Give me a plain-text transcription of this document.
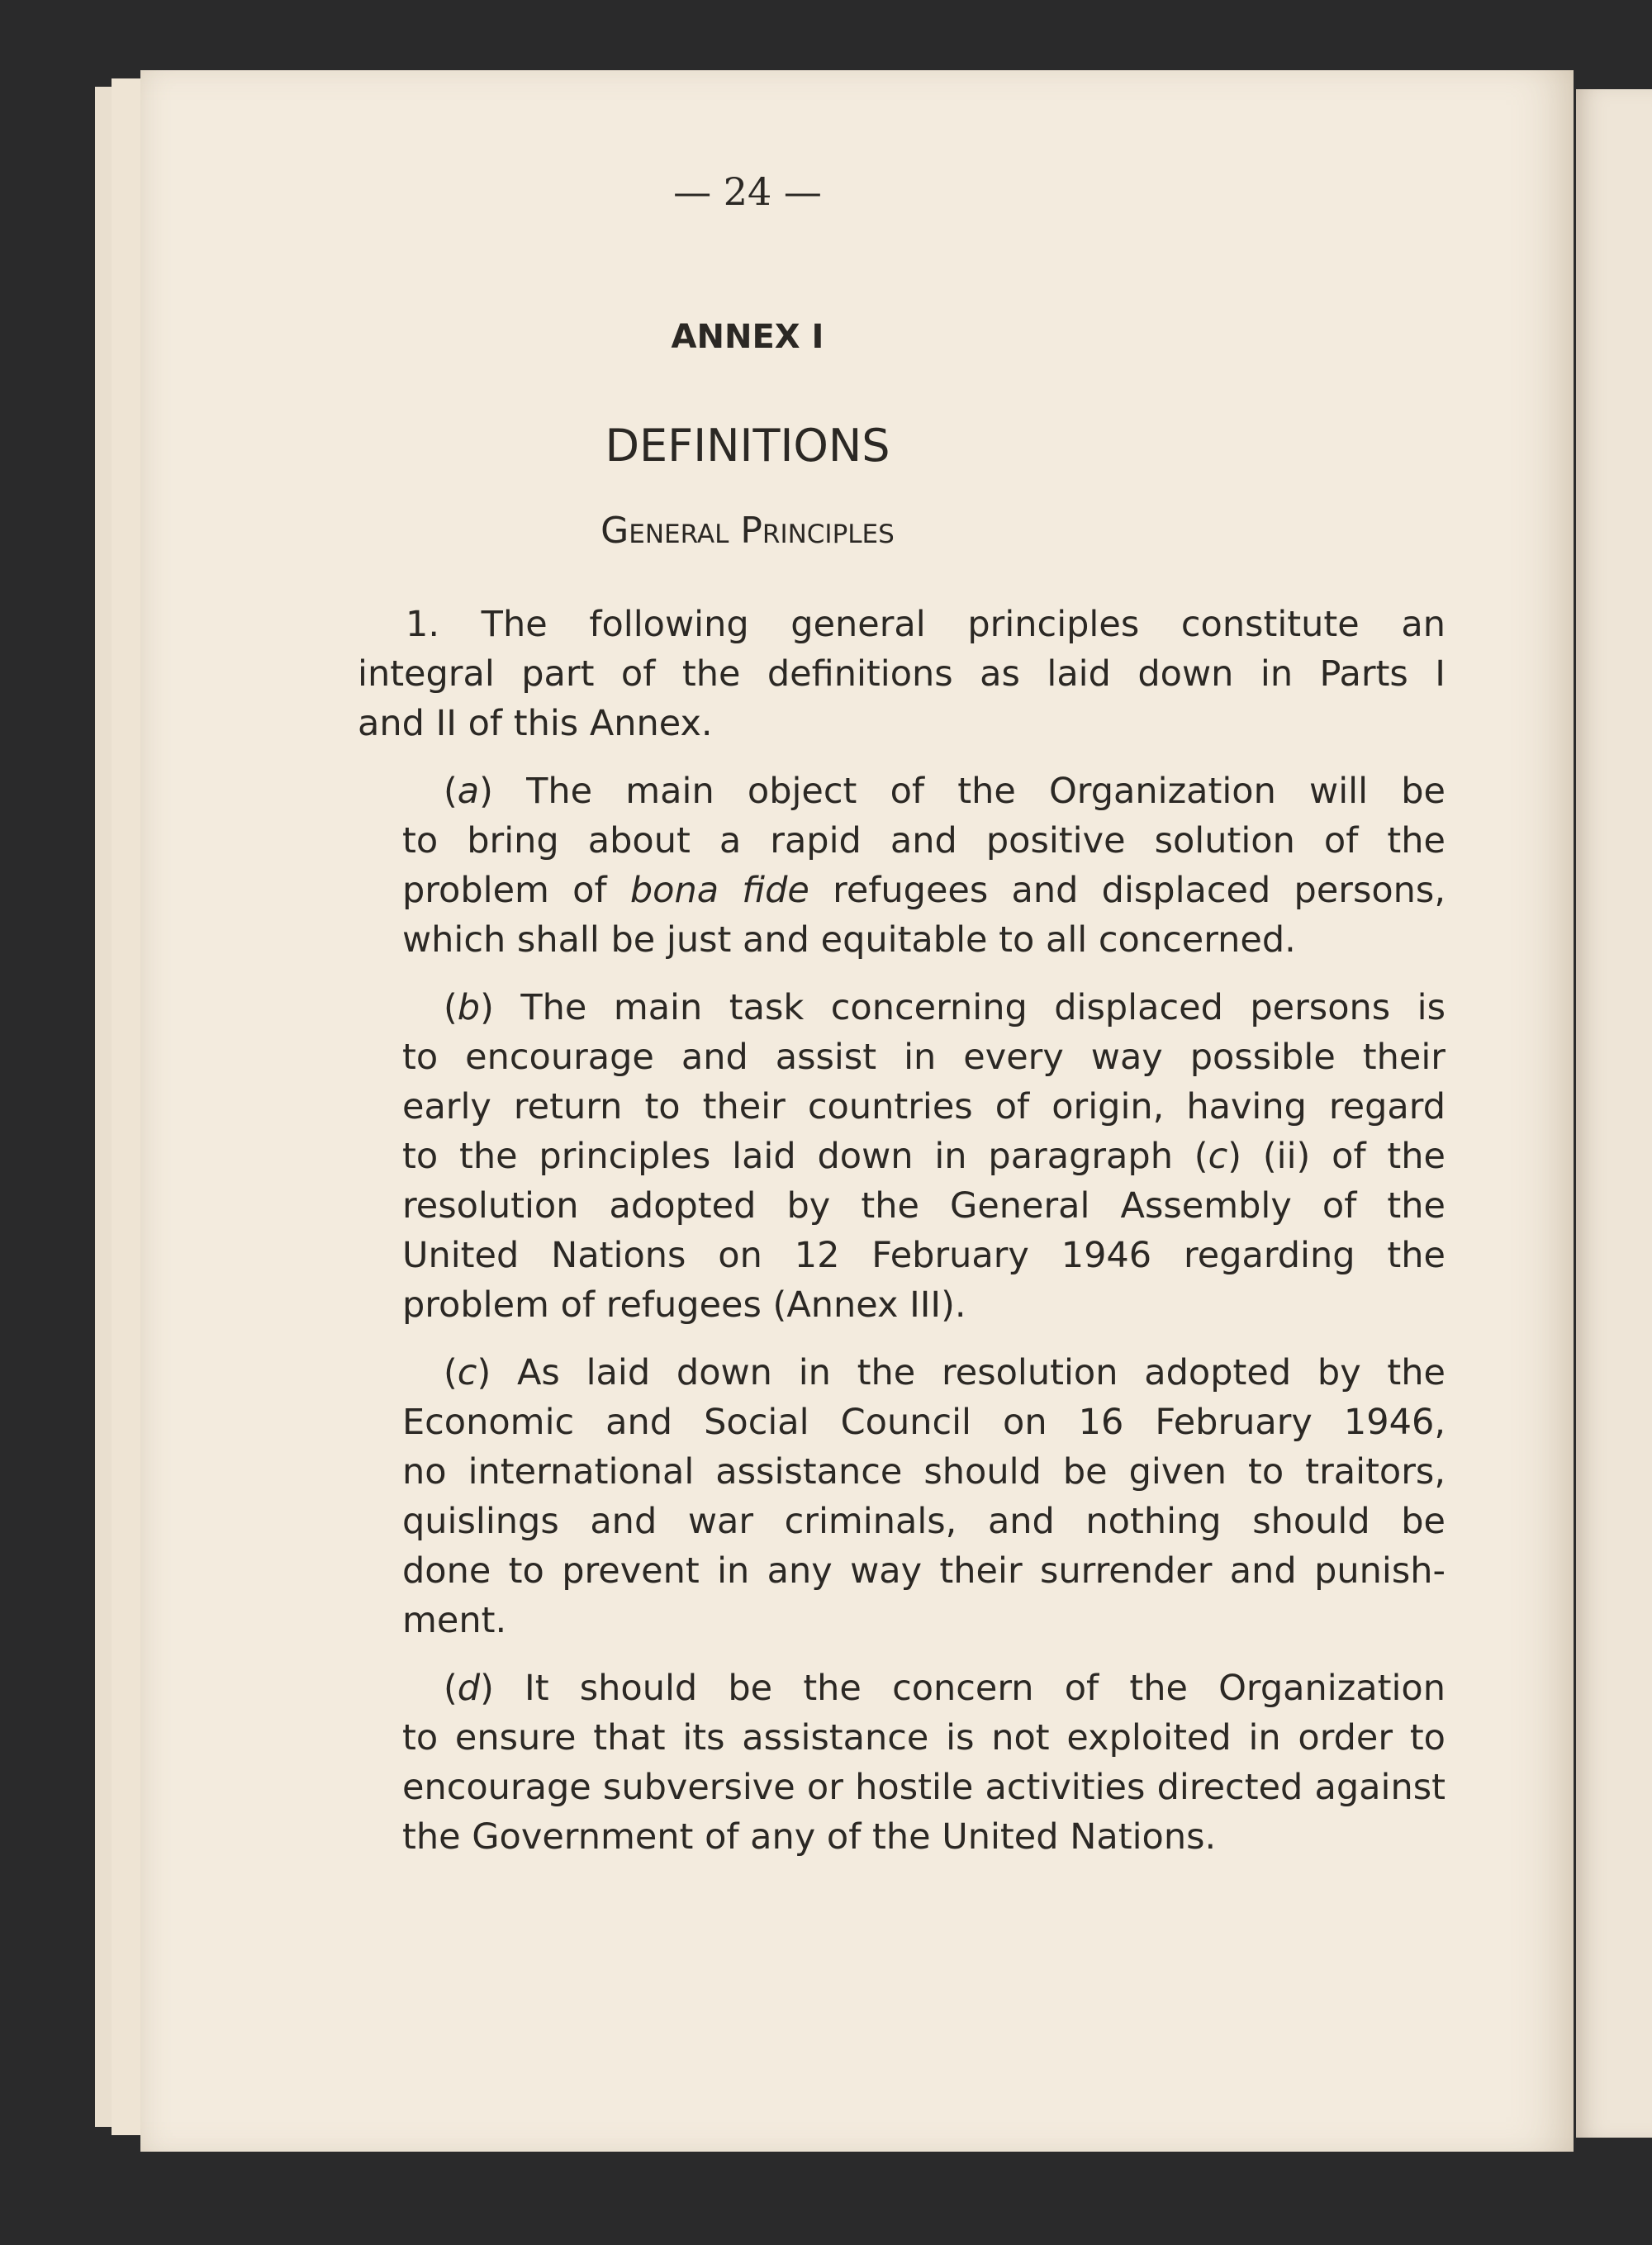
— 24 —
ANNEX I
DEFINITIONS
General Principles
1. The following general principles constitute an
integral part of the definitions as laid down in Parts I
and II of this Annex.
(a) The main object of the Organization will be
to bring about a rapid and positive solution of the
problem of bona fide refugees and displaced persons,
which shall be just and equitable to all concerned.
(b) The main task concerning displaced persons is
to encourage and assist in every way possible their
early return to their countries of origin, having regard
to the principles laid down in paragraph (c) (ii) of the
resolution adopted by the General Assembly of the
United Nations on 12 February 1946 regarding the
problem of refugees (Annex III).
(c) As laid down in the resolution adopted by the
Economic and Social Council on 16 February 1946,
no international assistance should be given to traitors,
quislings and war criminals, and nothing should be
done to prevent in any way their surrender and punish-
ment.
(d) It should be the concern of the Organization
to ensure that its assistance is not exploited in order to
encourage subversive or hostile activities directed against
the Government of any of the United Nations.
